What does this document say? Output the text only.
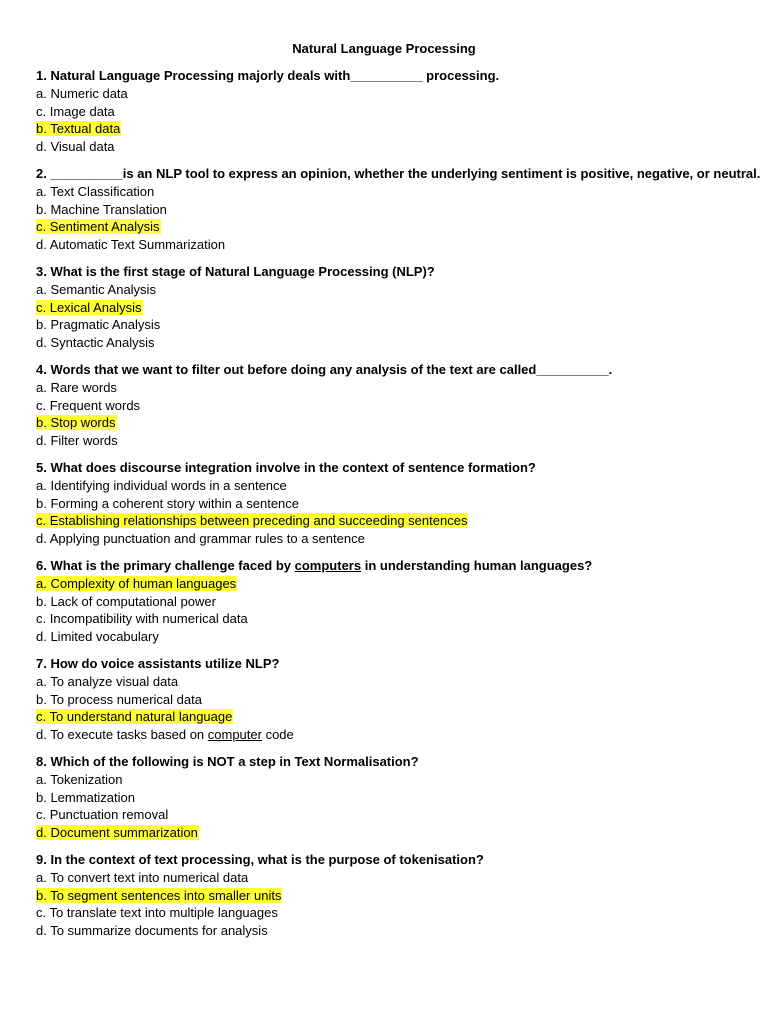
Natural Language Processing
1. Natural Language Processing majorly deals with__________ processing.
a. Numeric data
c. Image data
b. Textual data
d. Visual data
2. __________is an NLP tool to express an opinion, whether the underlying sentiment is positive, negative, or neutral.
a. Text Classification
b. Machine Translation
c. Sentiment Analysis
d. Automatic Text Summarization
3. What is the first stage of Natural Language Processing (NLP)?
a. Semantic Analysis
c. Lexical Analysis
b. Pragmatic Analysis
d. Syntactic Analysis
4. Words that we want to filter out before doing any analysis of the text are called__________.
a. Rare words
c. Frequent words
b. Stop words
d. Filter words
5. What does discourse integration involve in the context of sentence formation?
a. Identifying individual words in a sentence
b. Forming a coherent story within a sentence
c. Establishing relationships between preceding and succeeding sentences
d. Applying punctuation and grammar rules to a sentence
6. What is the primary challenge faced by computers in understanding human languages?
a. Complexity of human languages
b. Lack of computational power
c. Incompatibility with numerical data
d. Limited vocabulary
7. How do voice assistants utilize NLP?
a. To analyze visual data
b. To process numerical data
c. To understand natural language
d. To execute tasks based on computer code
8. Which of the following is NOT a step in Text Normalisation?
a. Tokenization
b. Lemmatization
c. Punctuation removal
d. Document summarization
9. In the context of text processing, what is the purpose of tokenisation?
a. To convert text into numerical data
b. To segment sentences into smaller units
c. To translate text into multiple languages
d. To summarize documents for analysis
